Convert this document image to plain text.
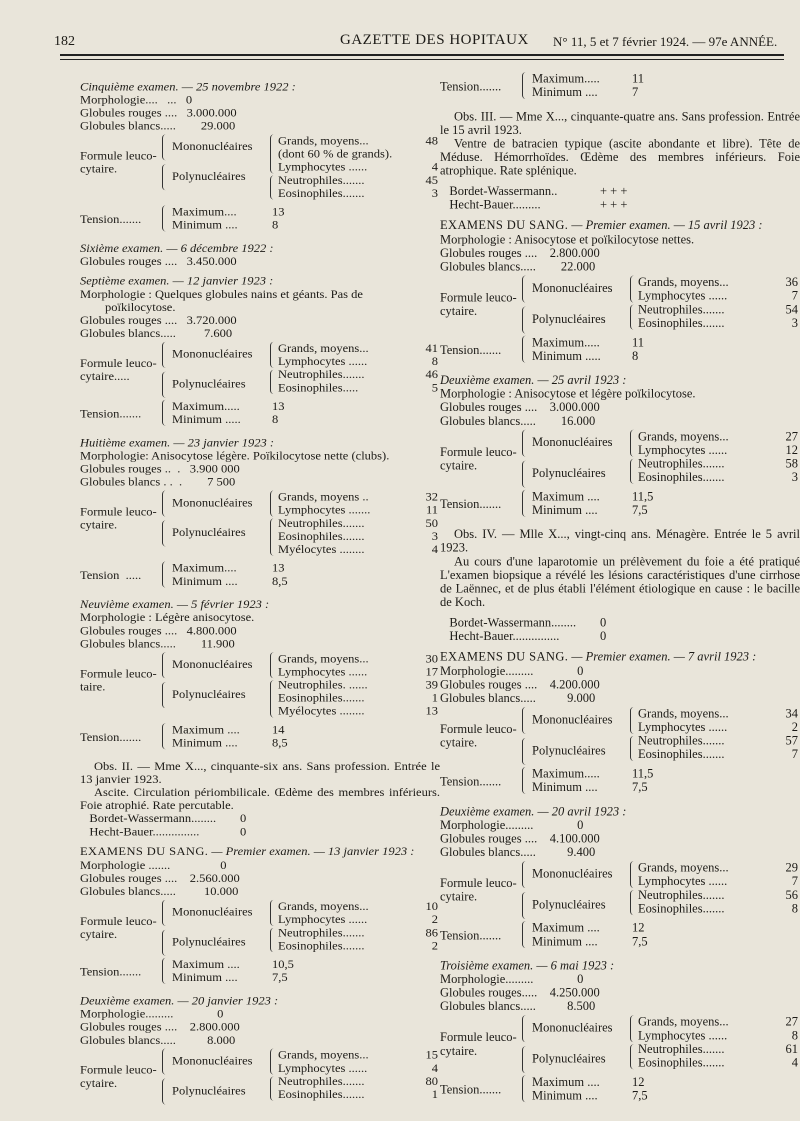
182	GAZETTE DES HOPITAUX N° 11, 5 et 7 février 1924. — 97e ANNÉE.
Cinquième examen. — 25 novembre 1922 :
Morphologie....   ...   0
Globules rouges ....   3.000.000
Globules blancs.....        29.000
Formule leuco- cytaire.
Mononucléaires
Polynucléaires
Grands, moyens...	48
(dont 60 % de grands).
Lymphocytes ......	4
Neutrophiles.......	45
Eosinophiles.......	3
Tension.......
Maximum....	13
Minimum ....	8
Sixième examen. — 6 décembre 1922 :
Globules rouges ....   3.450.000
Septième examen. — 12 janvier 1923 :
Morphologie : Quelques globules nains et géants. Pas de
poïkilocytose.
Globules rouges ....   3.720.000
Globules blancs.....         7.600
Formule leuco- cytaire.....
Mononucléaires
Polynucléaires
Grands, moyens...	41
Lymphocytes ......	8
Neutrophiles.......	46
Eosinophiles.....	5
Tension.......
Maximum.....	13
Minimum ..... 8
Huitième examen. — 23 janvier 1923 :
Morphologie: Anisocytose légère. Poïkilocytose nette (clubs).
Globules rouges ..  .   3.900 000
Globules blancs . .  .        7 500
Formule leuco- cytaire.
Mononucléaires
Polynucléaires
Grands, moyens ..	32
Lymphocytes .......	11
Neutrophiles.......	50
Eosinophiles.......	3
Myélocytes ........	4
Tension  .....
Maximum....	13
Minimum ....	8,5
Neuvième examen. — 5 février 1923 :
Morphologie : Légère anisocytose.
Globules rouges ....   4.800.000
Globules blancs.....        11.900
Formule leuco- taire.
Mononucléaires
Polynucléaires
Grands, moyens...	30
Lymphocytes ......	17
Neutrophiles. ......	39
Eosinophiles.......	1
Myélocytes ........	13
Tension.......
Maximum ....	14
Minimum ....	8,5
Obs. II. — Mme X..., cinquante-six ans. Sans profession. Entrée le 13 janvier 1923.
Ascite. Circulation périombilicale. Œdème des membres inférieurs. Foie atrophié. Rate percutable.
Bordet-Wassermann........ 0
Hecht-Bauer...............	0
EXAMENS DU SANG. — Premier examen. — 13 janvier 1923 :
Morphologie .......                0
Globules rouges ....    2.560.000
Globules blancs.....         10.000
Formule leuco- cytaire.
Mononucléaires
Polynucléaires
Grands, moyens...	10
Lymphocytes ......	2
Neutrophiles.......	86
Eosinophiles.......	2
Tension.......
Maximum ....	10,5
Minimum ....	7,5
Deuxième examen. — 20 janvier 1923 :
Morphologie.........              0
Globules rouges ....    2.800.000
Globules blancs.....          8.000
Formule leuco- cytaire.
Mononucléaires
Polynucléaires
Grands, moyens...	15
Lymphocytes ......	4
Neutrophiles.......	80
Eosinophiles.......	1
Tension.......
Maximum.....	11
Minimum ....	7
Obs. III. — Mme X..., cinquante-quatre ans. Sans profession. Entrée le 15 avril 1923.
Ventre de batracien typique (ascite abondante et libre). Tête de Méduse. Hémorrhoïdes. Œdème des membres inférieurs. Foie atrophique. Rate splénique.
Bordet-Wassermann..	+ + +
Hecht-Bauer.........	+ + +
EXAMENS DU SANG. — Premier examen. — 15 avril 1923 :
Morphologie : Anisocytose et poïkilocytose nettes.
Globules rouges ....    2.800.000
Globules blancs.....        22.000
Formule leuco- cytaire.
Mononucléaires
Polynucléaires
Grands, moyens...	36
Lymphocytes ......	7
Neutrophiles.......	54
Eosinophiles.......	3
Tension.......
Maximum.....	11
Minimum ..... 8
Deuxième examen. — 25 avril 1923 :
Morphologie : Anisocytose et légère poïkilocytose.
Globules rouges ....    3.000.000
Globules blancs.....        16.000
Formule leuco- cytaire.
Mononucléaires
Polynucléaires
Grands, moyens...	27
Lymphocytes ......	12
Neutrophiles.......	58
Eosinophiles.......	3
Tension.......
Maximum ....	11,5
Minimum ....	7,5
Obs. IV. — Mlle X..., vingt-cinq ans. Ménagère. Entrée le 5 avril 1923.
Au cours d'une laparotomie un prélèvement du foie a été pratiqué L'examen biopsique a révélé les lésions caractéristiques d'une cirrhose de Laënnec, et de plus établi l'élément étiologique en cause : le bacille de Koch.
Bordet-Wassermann........ 0
Hecht-Bauer...............	0
EXAMENS DU SANG. — Premier examen. — 7 avril 1923 :
Morphologie.........              0
Globules rouges ....    4.200.000
Globules blancs.....          9.000
Formule leuco- cytaire.
Mononucléaires
Polynucléaires
Grands, moyens...	34
Lymphocytes ......	2
Neutrophiles.......	57
Eosinophiles.......	7
Tension.......
Maximum.....	11,5
Minimum ....	7,5
Deuxième examen. — 20 avril 1923 :
Morphologie.........              0
Globules rouges ....    4.100.000
Globules blancs.....          9.400
Formule leuco- cytaire.
Mononucléaires
Polynucléaires
Grands, moyens...	29
Lymphocytes ......	7
Neutrophiles.......	56
Eosinophiles.......	8
Tension.......
Maximum ....	12
Minimum ....	7,5
Troisième examen. — 6 mai 1923 :
Morphologie.........              0
Globules rouges.....    4.250.000
Globules blancs.....          8.500
Formule leuco- cytaire.
Mononucléaires
Polynucléaires
Grands, moyens...	27
Lymphocytes ......	8
Neutrophiles.......	61
Eosinophiles.......	4
Tension.......
Maximum ....	12
Minimum ....	7,5
